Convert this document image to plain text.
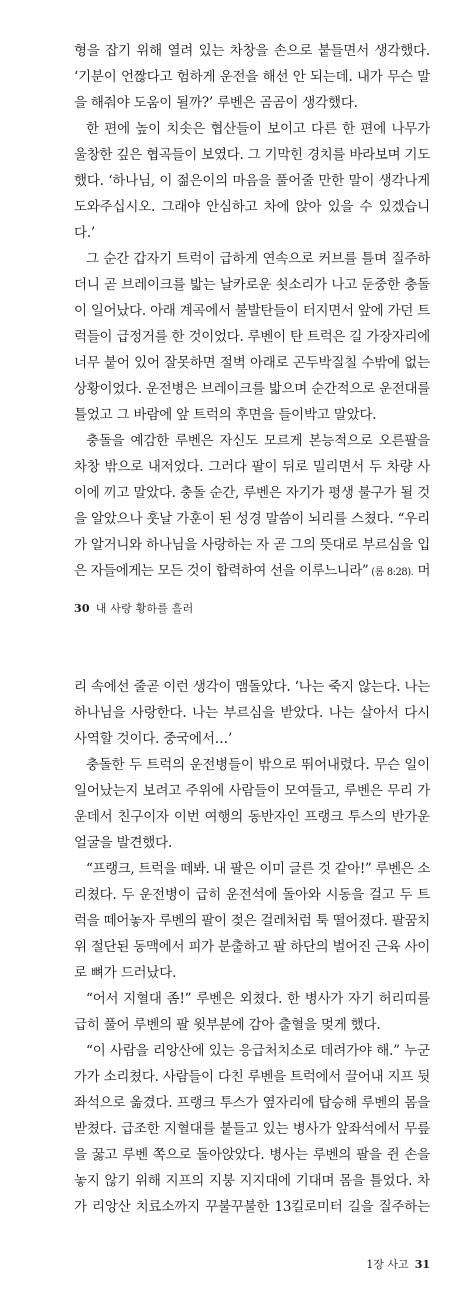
형을 잡기 위해 열려 있는 차창을 손으로 붙들면서 생각했다.
‘기분이 언짢다고 험하게 운전을 해선 안 되는데. 내가 무슨 말
을 해줘야 도움이 될까?’ 루벤은 곰곰이 생각했다.
한 편에 높이 치솟은 협산들이 보이고 다른 한 편에 나무가
울창한 깊은 협곡들이 보였다. 그 기막힌 경치를 바라보며 기도
했다. ‘하나님, 이 젊은이의 마음을 풀어줄 만한 말이 생각나게
도와주십시오. 그래야 안심하고 차에 앉아 있을 수 있겠습니
다.’
그 순간 갑자기 트럭이 급하게 연속으로 커브를 틀며 질주하
더니 곧 브레이크를 밟는 날카로운 쇳소리가 나고 둔중한 충돌
이 일어났다. 아래 계곡에서 불발탄들이 터지면서 앞에 가던 트
럭들이 급정거를 한 것이었다. 루벤이 탄 트럭은 길 가장자리에
너무 붙어 있어 잘못하면 절벽 아래로 곤두박질칠 수밖에 없는
상황이었다. 운전병은 브레이크를 밟으며 순간적으로 운전대를
틀었고 그 바람에 앞 트럭의 후면을 들이박고 말았다.
충돌을 예감한 루벤은 자신도 모르게 본능적으로 오른팔을
차창 밖으로 내저었다. 그러다 팔이 뒤로 밀리면서 두 차량 사
이에 끼고 말았다. 충돌 순간, 루벤은 자기가 평생 불구가 될 것
을 알았으나 훗날 가훈이 된 성경 말씀이 뇌리를 스쳤다. “우리
가 알거니와 하나님을 사랑하는 자 곧 그의 뜻대로 부르심을 입
은 자들에게는 모든 것이 합력하여 선을 이루느니라” (롬 8:28). 머
30 내 사랑 황하를 흘러
리 속에선 줄곧 이런 생각이 맴돌았다. ‘나는 죽지 않는다. 나는
하나님을 사랑한다. 나는 부르심을 받았다. 나는 살아서 다시
사역할 것이다. 중국에서…’
충돌한 두 트럭의 운전병들이 밖으로 뛰어내렸다. 무슨 일이
일어났는지 보려고 주위에 사람들이 모여들고, 루벤은 무리 가
운데서 친구이자 이번 여행의 동반자인 프랭크 투스의 반가운
얼굴을 발견했다.
“프랭크, 트럭을 떼봐. 내 팔은 이미 글른 것 같아!” 루벤은 소
리쳤다. 두 운전병이 급히 운전석에 돌아와 시동을 걸고 두 트
럭을 떼어놓자 루벤의 팔이 젖은 걸레처럼 툭 떨어졌다. 팔꿈치
위 절단된 동맥에서 피가 분출하고 팔 하단의 벌어진 근육 사이
로 뼈가 드러났다.
“어서 지혈대 좀!” 루벤은 외쳤다. 한 병사가 자기 허리띠를
급히 풀어 루벤의 팔 윗부분에 감아 출혈을 멎게 했다.
“이 사람을 리앙산에 있는 응급처치소로 데려가야 해.” 누군
가가 소리쳤다. 사람들이 다친 루벤을 트럭에서 끌어내 지프 뒷
좌석으로 옮겼다. 프랭크 투스가 옆자리에 탑승해 루벤의 몸을
받쳤다. 급조한 지혈대를 붙들고 있는 병사가 앞좌석에서 무릎
을 꿇고 루벤 쪽으로 돌아앉았다. 병사는 루벤의 팔을 쥔 손을
놓지 않기 위해 지프의 지붕 지지대에 기대며 몸을 틀었다. 차
가 리앙산 치료소까지 꾸불꾸불한 13킬로미터 길을 질주하는
1장 사고 31
